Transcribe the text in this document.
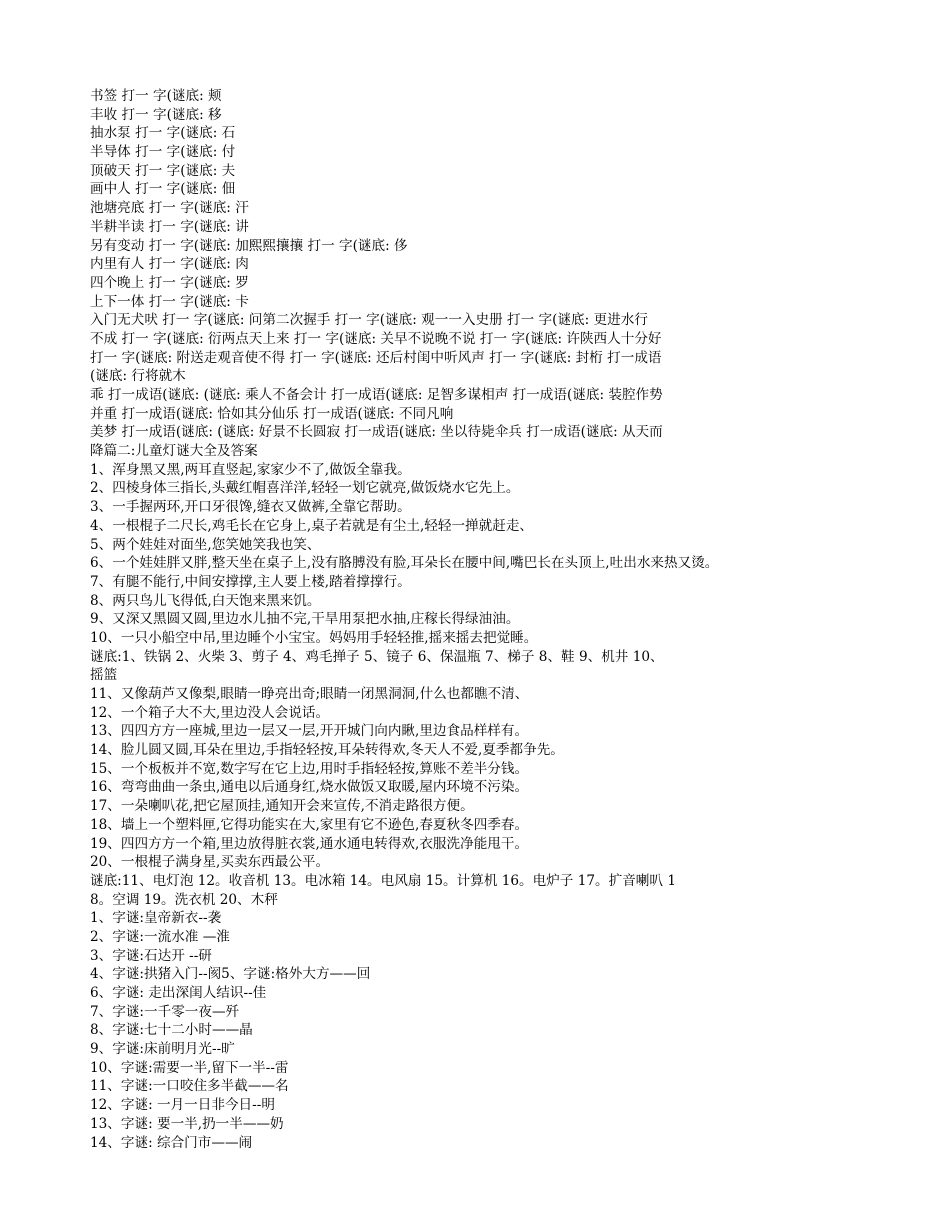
书签 打一 字(谜底: 颊

丰收 打一 字(谜底: 移

抽水泵 打一 字(谜底: 石

半导体 打一 字(谜底: 付

顶破天 打一 字(谜底: 夫

画中人 打一 字(谜底: 佃

池塘亮底 打一 字(谜底: 汗

半耕半读 打一 字(谜底: 讲

另有变动 打一 字(谜底: 加熙熙攘攘 打一 字(谜底: 侈

内里有人 打一 字(谜底: 肉

四个晚上 打一 字(谜底: 罗

上下一体 打一 字(谜底: 卡

入门无犬吠 打一 字(谜底: 问第二次握手 打一 字(谜底: 观一一入史册 打一 字(谜底: 更进水行

不成 打一 字(谜底: 衍两点天上来 打一 字(谜底: 关早不说晚不说 打一 字(谜底: 许陕西人十分好

打一 字(谜底: 附送走观音使不得 打一 字(谜底: 还后村闺中听风声 打一 字(谜底: 封桁 打一成语

(谜底: 行将就木

乖 打一成语(谜底: (谜底: 乘人不备会计 打一成语(谜底: 足智多谋相声 打一成语(谜底: 装腔作势

并重 打一成语(谜底: 恰如其分仙乐 打一成语(谜底: 不同凡响

美梦 打一成语(谜底: (谜底: 好景不长圆寂 打一成语(谜底: 坐以待毙伞兵 打一成语(谜底: 从天而

降篇二:儿童灯谜大全及答案

1、浑身黑又黑,两耳直竖起,家家少不了,做饭全靠我。

2、四棱身体三指长,头戴红帽喜洋洋,轻轻一划它就亮,做饭烧水它先上。

3、一手握两环,开口牙很馋,缝衣又做裤,全靠它帮助。

4、一根棍子二尺长,鸡毛长在它身上,桌子若就是有尘土,轻轻一掸就赶走、

5、两个娃娃对面坐,您笑她笑我也笑、

6、一个娃娃胖又胖,整天坐在桌子上,没有胳膊没有脸,耳朵长在腰中间,嘴巴长在头顶上,吐出水来热又烫。

7、有腿不能行,中间安撑撑,主人要上楼,踏着撑撑行。

8、两只鸟儿飞得低,白天饱来黑来饥。

9、又深又黑圆又圆,里边水儿抽不完,干旱用泵把水抽,庄稼长得绿油油。

10、一只小船空中吊,里边睡个小宝宝。妈妈用手轻轻推,摇来摇去把觉睡。

谜底:1、铁锅 2、火柴 3、剪子 4、鸡毛掸子 5、镜子 6、保温瓶 7、梯子 8、鞋 9、机井 10、

摇篮

11、又像葫芦又像梨,眼睛一睁亮出奇;眼睛一闭黑洞洞,什么也都瞧不清、

12、一个箱子大不大,里边没人会说话。

13、四四方方一座城,里边一层又一层,开开城门向内瞅,里边食品样样有。

14、脸儿圆又圆,耳朵在里边,手指轻轻按,耳朵转得欢,冬天人不爱,夏季都争先。

15、一个板板并不宽,数字写在它上边,用时手指轻轻按,算账不差半分钱。

16、弯弯曲曲一条虫,通电以后通身红,烧水做饭又取暖,屋内环境不污染。

17、一朵喇叭花,把它屋顶挂,通知开会来宣传,不消走路很方便。

18、墙上一个塑料匣,它得功能实在大,家里有它不逊色,春夏秋冬四季春。

19、四四方方一个箱,里边放得脏衣裳,通水通电转得欢,衣服洗净能甩干。

20、一根棍子满身星,买卖东西最公平。

谜底:11、电灯泡 12。收音机 13。电冰箱 14。电风扇 15。计算机 16。电炉子 17。扩音喇叭 1

8。空调 19。洗衣机 20、木秤

1、字谜:皇帝新衣--袭

2、字谜:一流水准 —淮

3、字谜:石达开 --研

4、字谜:拱猪入门--阂5、字谜:格外大方——回

6、字谜: 走出深闺人结识--佳

7、字谜:一千零一夜—歼

8、字谜:七十二小时——晶

9、字谜:床前明月光--旷

10、字谜:需要一半,留下一半--雷

11、字谜:一口咬住多半截——名

12、字谜: 一月一日非今日--明

13、字谜: 要一半,扔一半——奶

14、字谜: 综合门市——闹
